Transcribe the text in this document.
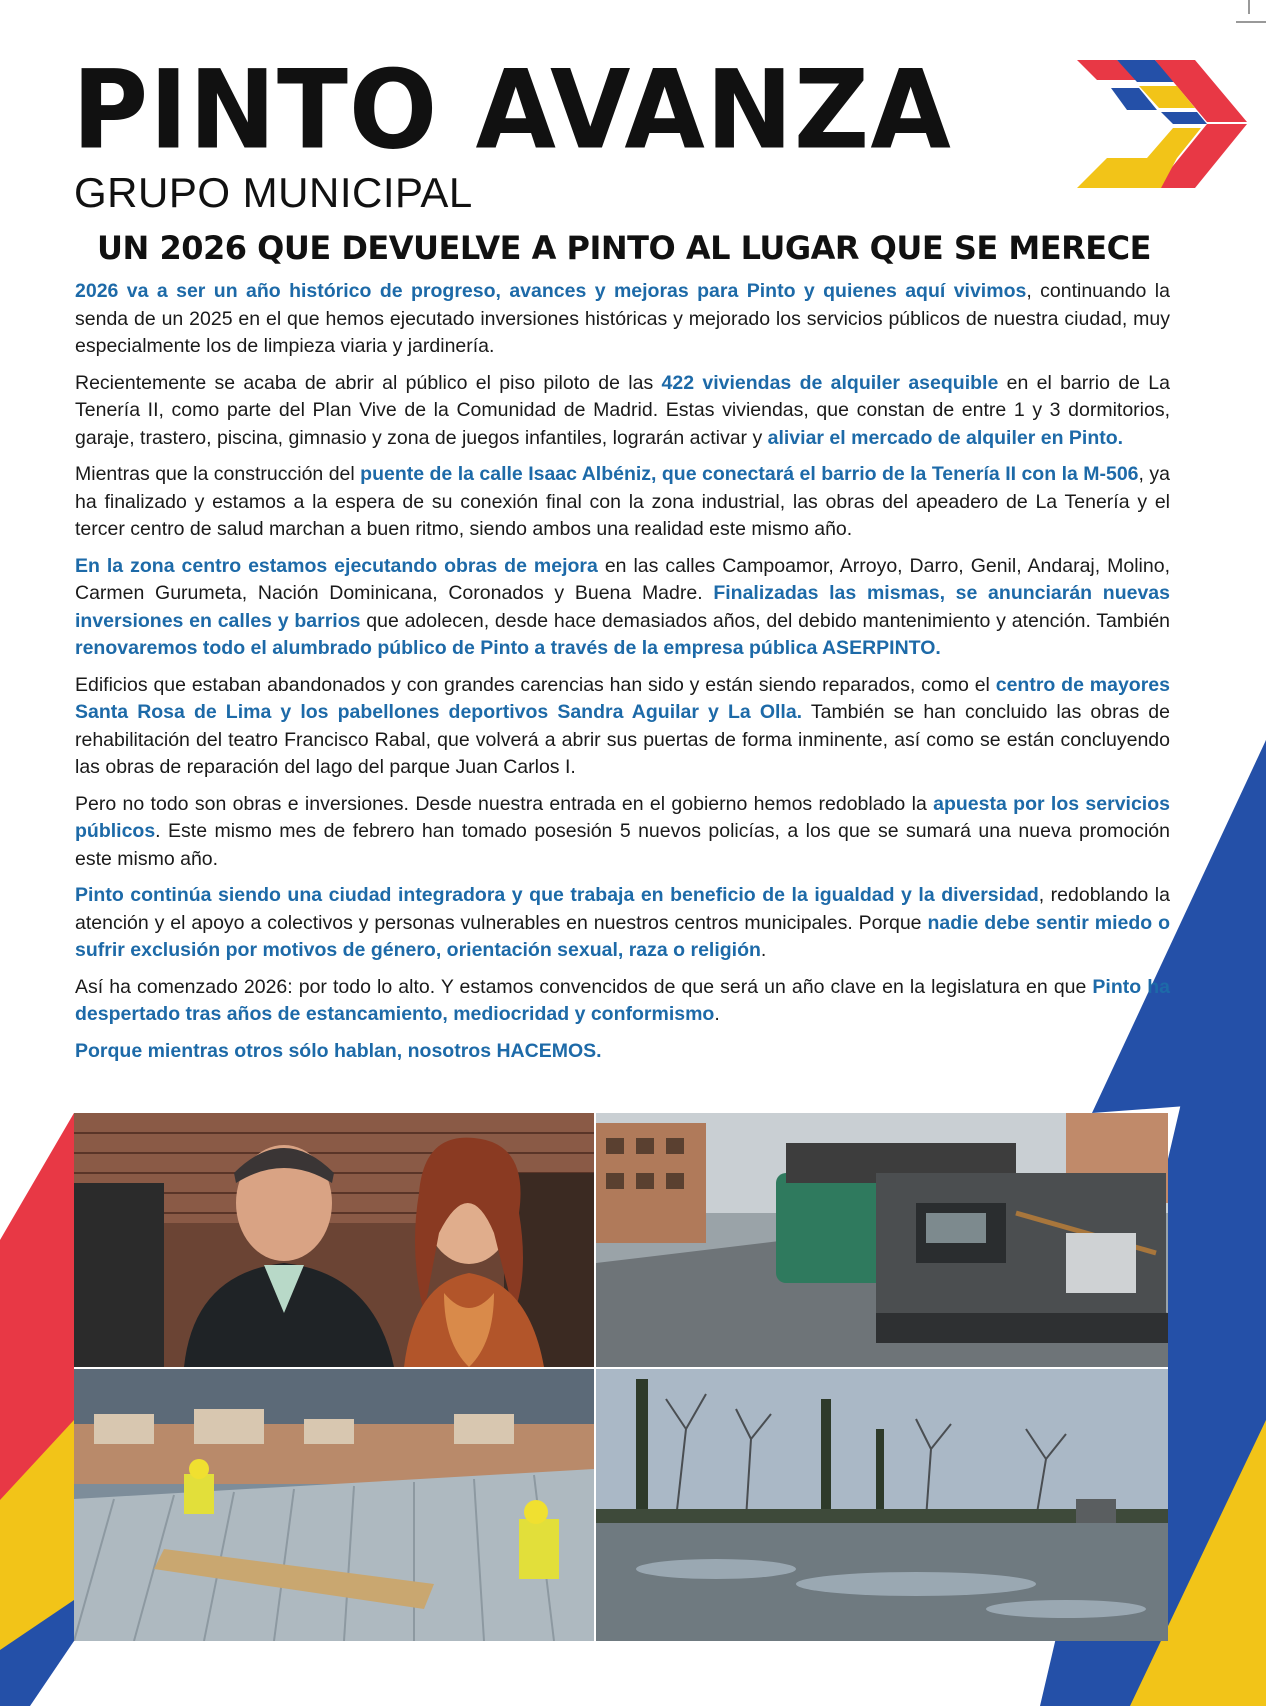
PINTO AVANZA
GRUPO MUNICIPAL
UN 2026 QUE DEVUELVE A PINTO AL LUGAR QUE SE MERECE

2026 va a ser un año histórico de progreso, avances y mejoras para Pinto y quienes aquí vivimos, continuando la senda de un 2025 en el que hemos ejecutado inversiones históricas y mejorado los servicios públicos de nuestra ciudad, muy especialmente los de limpieza viaria y jardinería.

Recientemente se acaba de abrir al público el piso piloto de las 422 viviendas de alquiler asequible en el barrio de La Tenería II, como parte del Plan Vive de la Comunidad de Madrid. Estas viviendas, que constan de entre 1 y 3 dormitorios, garaje, trastero, piscina, gimnasio y zona de juegos infantiles, lograrán activar y aliviar el mercado de alquiler en Pinto.

Mientras que la construcción del puente de la calle Isaac Albéniz, que conectará el barrio de la Tenería II con la M-506, ya ha finalizado y estamos a la espera de su conexión final con la zona industrial, las obras del apeadero de La Tenería y el tercer centro de salud marchan a buen ritmo, siendo ambos una realidad este mismo año.

En la zona centro estamos ejecutando obras de mejora en las calles Campoamor, Arroyo, Darro, Genil, Andaraj, Molino, Carmen Gurumeta, Nación Dominicana, Coronados y Buena Madre. Finalizadas las mismas, se anunciarán nuevas inversiones en calles y barrios que adolecen, desde hace demasiados años, del debido mantenimiento y atención. También renovaremos todo el alumbrado público de Pinto a través de la empresa pública ASERPINTO.

Edificios que estaban abandonados y con grandes carencias han sido y están siendo reparados, como el centro de mayores Santa Rosa de Lima y los pabellones deportivos Sandra Aguilar y La Olla. También se han concluido las obras de rehabilitación del teatro Francisco Rabal, que volverá a abrir sus puertas de forma inminente, así como se están concluyendo las obras de reparación del lago del parque Juan Carlos I.

Pero no todo son obras e inversiones. Desde nuestra entrada en el gobierno hemos redoblado la apuesta por los servicios públicos. Este mismo mes de febrero han tomado posesión 5 nuevos policías, a los que se sumará una nueva promoción este mismo año.

Pinto continúa siendo una ciudad integradora y que trabaja en beneficio de la igualdad y la diversidad, redoblando la atención y el apoyo a colectivos y personas vulnerables en nuestros centros municipales. Porque nadie debe sentir miedo o sufrir exclusión por motivos de género, orientación sexual, raza o religión.

Así ha comenzado 2026: por todo lo alto. Y estamos convencidos de que será un año clave en la legislatura en que Pinto ha despertado tras años de estancamiento, mediocridad y conformismo.

Porque mientras otros sólo hablan, nosotros HACEMOS.
